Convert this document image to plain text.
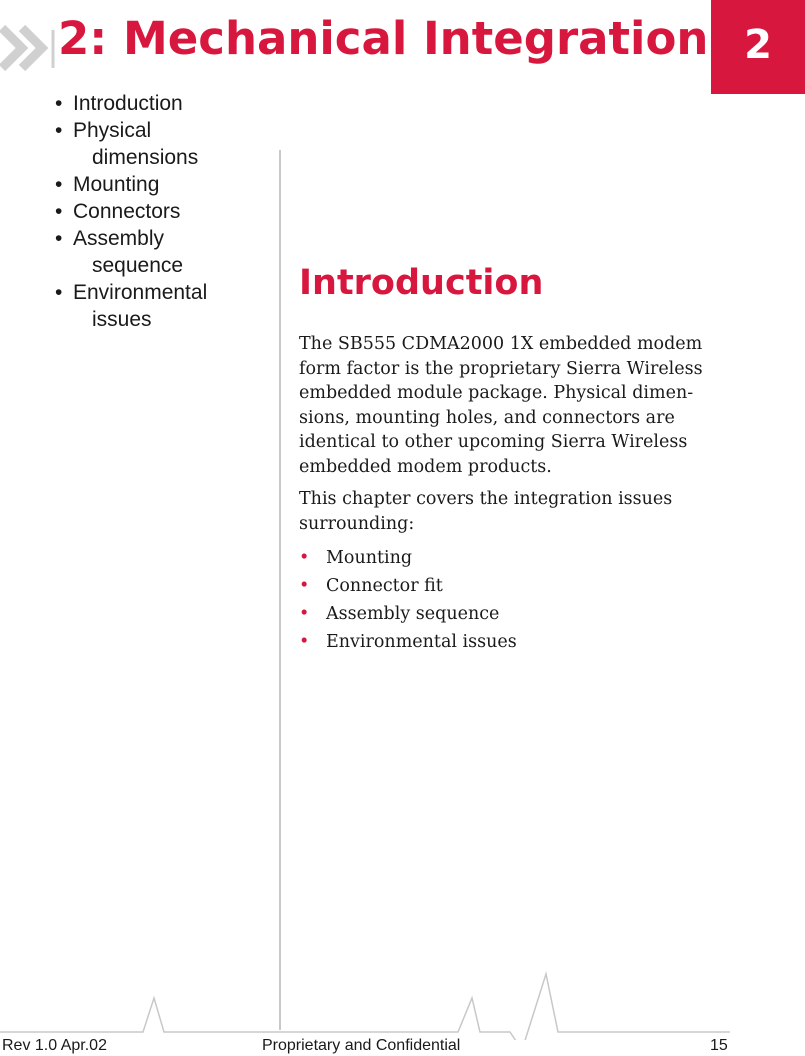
2: Mechanical Integration 2
• Introduction
• Physical
dimensions
• Mounting
• Connectors
• Assembly
sequence
• Environmental
issues
Introduction

The SB555 CDMA2000 1X embedded modem
form factor is the proprietary Sierra Wireless
embedded module package. Physical dimen-
sions, mounting holes, and connectors are
identical to other upcoming Sierra Wireless
embedded modem products.

This chapter covers the integration issues
surrounding:

• Mounting
• Connector fit
• Assembly sequence
• Environmental issues
Rev 1.0 Apr.02	Proprietary and Confidential	15
